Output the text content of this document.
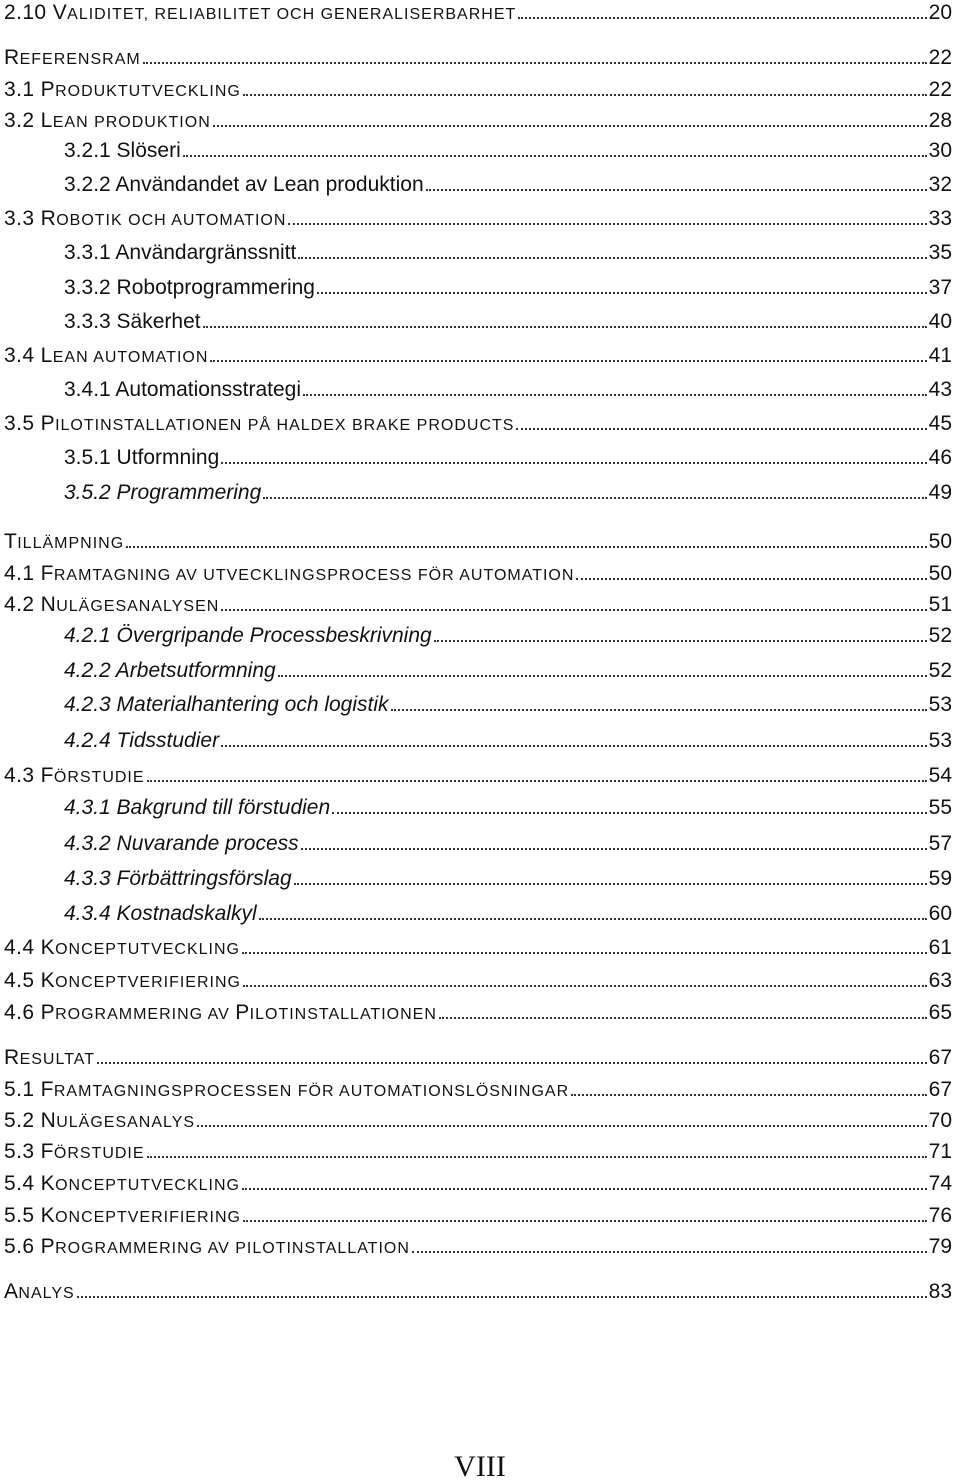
2.10 VALIDITET, RELIABILITET OCH GENERALISERBARHET	20
REFERENSRAM	22
3.1 PRODUKTUTVECKLING	22
3.2 LEAN PRODUKTION	28
3.2.1 Slöseri	30
3.2.2 Användandet av Lean produktion	32
3.3 ROBOTIK OCH AUTOMATION	33
3.3.1 Användargränssnitt	35
3.3.2 Robotprogrammering	37
3.3.3 Säkerhet	40
3.4 LEAN AUTOMATION	41
3.4.1 Automationsstrategi	43
3.5 PILOTINSTALLATIONEN PÅ HALDEX BRAKE PRODUCTS	45
3.5.1 Utformning	46
3.5.2 Programmering	49
TILLÄMPNING	50
4.1 FRAMTAGNING AV UTVECKLINGSPROCESS FÖR AUTOMATION	50
4.2 NULÄGESANALYSEN	51
4.2.1 Övergripande Processbeskrivning	52
4.2.2 Arbetsutformning	52
4.2.3 Materialhantering och logistik	53
4.2.4 Tidsstudier	53
4.3 FÖRSTUDIE	54
4.3.1 Bakgrund till förstudien	55
4.3.2 Nuvarande process	57
4.3.3 Förbättringsförslag	59
4.3.4 Kostnadskalkyl	60
4.4 KONCEPTUTVECKLING	61
4.5 KONCEPTVERIFIERING	63
4.6 PROGRAMMERING AV PILOTINSTALLATIONEN	65
RESULTAT	67
5.1 FRAMTAGNINGSPROCESSEN FÖR AUTOMATIONSLÖSNINGAR	67
5.2 NULÄGESANALYS	70
5.3 FÖRSTUDIE	71
5.4 KONCEPTUTVECKLING	74
5.5 KONCEPTVERIFIERING	76
5.6 PROGRAMMERING AV PILOTINSTALLATION	79
ANALYS	83
VIII
